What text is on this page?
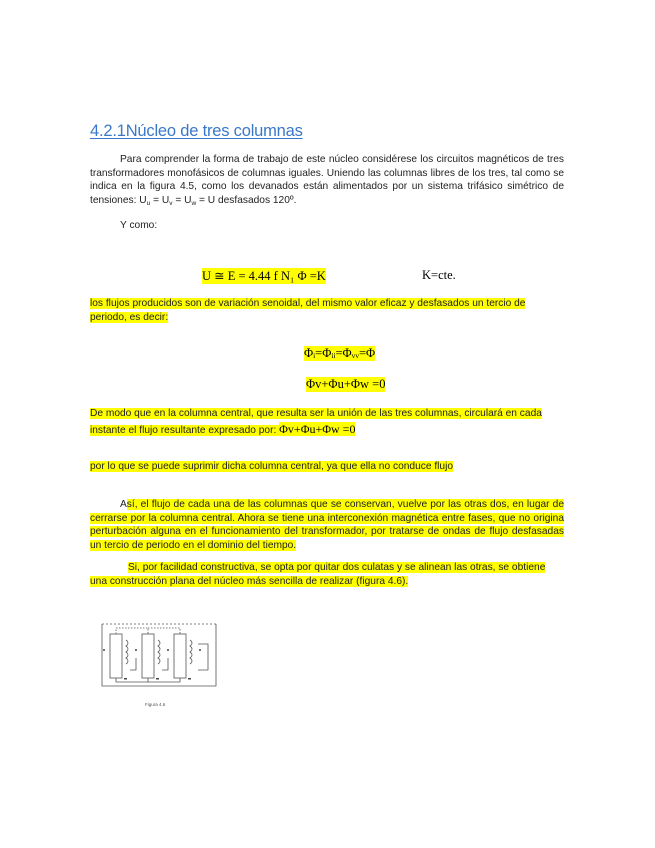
4.2.1Núcleo de tres columnas
Para comprender la forma de trabajo de este núcleo considérese los circuitos magnéticos de tres transformadores monofásicos de columnas iguales. Uniendo las columnas libres de los tres, tal como se indica en la figura 4.5, como los devanados están alimentados por un sistema trifásico simétrico de tensiones: $U_u = U_v = U_w = U$ desfasados 120º.
Y como:
U ≅ E = 4.44 f N₁ Φ =K	K=cte.
los flujos producidos son de variación senoidal, del mismo valor eficaz y desfasados un tercio de periodo, es decir:
Φᵢ=Φᵢᵢ=Φᵥᵥ=Φ
Φv+Φu+Φw =0
De modo que en la columna central, que resulta ser la unión de las tres columnas, circulará en cada instante el flujo resultante expresado por: Φv+Φu+Φw =0
por lo que se puede suprimir dicha columna central, ya que ella no conduce flujo
Así, el flujo de cada una de las columnas que se conservan, vuelve por las otras dos, en lugar de cerrarse por la columna central. Ahora se tiene una interconexión magnética entre fases, que no origina perturbación alguna en el funcionamiento del transformador, por tratarse de ondas de flujo desfasadas un tercio de periodo en el dominio del tiempo.
Si, por facilidad constructiva, se opta por quitar dos culatas y se alinean las otras, se obtiene una construcción plana del núcleo más sencilla de realizar (figura 4.6).
Figura 4.6
